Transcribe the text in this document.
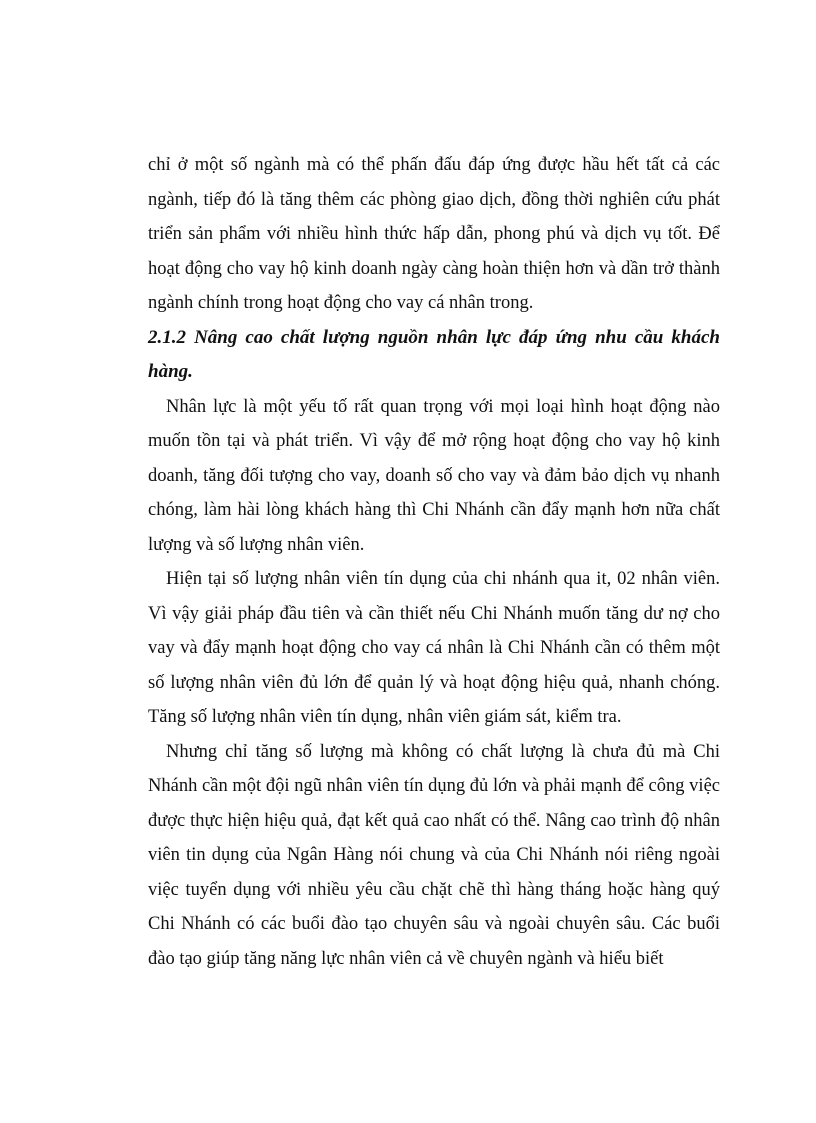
chỉ ở một số ngành mà có thể phấn đấu đáp ứng được hầu hết tất cả các ngành, tiếp đó là tăng thêm các phòng giao dịch, đồng thời nghiên cứu phát triển sản phẩm với nhiều hình thức hấp dẫn, phong phú và dịch vụ tốt. Để hoạt động cho vay hộ kinh doanh ngày càng hoàn thiện hơn và dần trở thành ngành chính trong hoạt động cho vay cá nhân trong.

2.1.2 Nâng cao chất lượng nguồn nhân lực đáp ứng nhu cầu khách hàng.

Nhân lực là một yếu tố rất quan trọng với mọi loại hình hoạt động nào muốn tồn tại và phát triển. Vì vậy để mở rộng hoạt động cho vay hộ kinh doanh, tăng đối tượng cho vay, doanh số cho vay và đảm bảo dịch vụ nhanh chóng, làm hài lòng khách hàng thì Chi Nhánh cần đẩy mạnh hơn nữa chất lượng và số lượng nhân viên.

Hiện tại số lượng nhân viên tín dụng của chi nhánh qua it, 02 nhân viên. Vì vậy giải pháp đầu tiên và cần thiết nếu Chi Nhánh muốn tăng dư nợ cho vay và đẩy mạnh hoạt động cho vay cá nhân là Chi Nhánh cần có thêm một số lượng nhân viên đủ lớn để quản lý và hoạt động hiệu quả, nhanh chóng. Tăng số lượng nhân viên tín dụng, nhân viên giám sát, kiểm tra.

Nhưng chỉ tăng số lượng mà không có chất lượng là chưa đủ mà Chi Nhánh cần một đội ngũ nhân viên tín dụng đủ lớn và phải mạnh để công việc được thực hiện hiệu quả, đạt kết quả cao nhất có thể. Nâng cao trình độ nhân viên tin dụng của Ngân Hàng nói chung và của Chi Nhánh nói riêng ngoài việc tuyển dụng với nhiều yêu cầu chặt chẽ thì hàng tháng hoặc hàng quý Chi Nhánh có các buổi đào tạo chuyên sâu và ngoài chuyên sâu. Các buổi đào tạo giúp tăng năng lực nhân viên cả về chuyên ngành và hiểu biết
